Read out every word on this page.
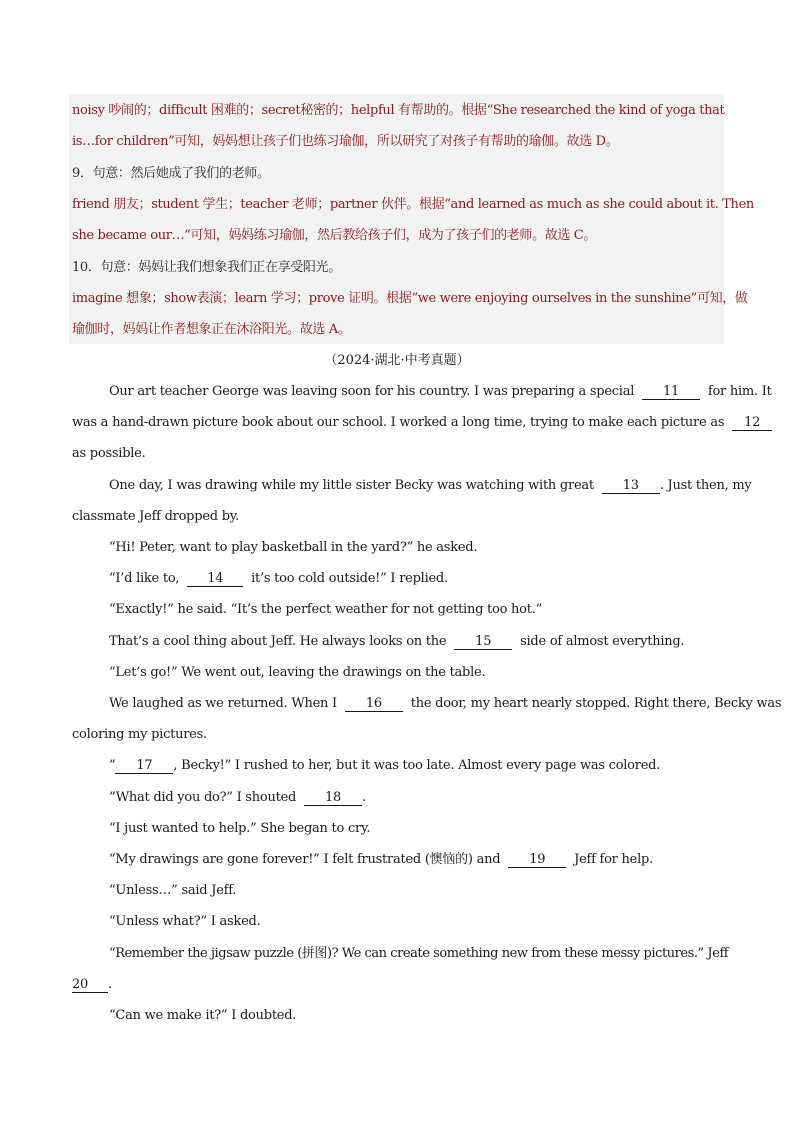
noisy 吵闹的；difficult 困难的；secret秘密的；helpful 有帮助的。根据“She researched the kind of yoga that
is…for children”可知，妈妈想让孩子们也练习瑜伽，所以研究了对孩子有帮助的瑜伽。故选 D。
9．句意：然后她成了我们的老师。
friend 朋友；student 学生；teacher 老师；partner 伙伴。根据“and learned as much as she could about it. Then
she became our…”可知，妈妈练习瑜伽，然后教给孩子们，成为了孩子们的老师。故选 C。
10．句意：妈妈让我们想象我们正在享受阳光。
imagine 想象；show表演；learn 学习；prove 证明。根据“we were enjoying ourselves in the sunshine”可知，做
瑜伽时，妈妈让作者想象正在沐浴阳光。故选 A。
（2024·湖北·中考真题）
Our art teacher George was leaving soon for his country. I was preparing a special 11 for him. It
was a hand-drawn picture book about our school. I worked a long time, trying to make each picture as 12
as possible.
One day, I was drawing while my little sister Becky was watching with great 13 . Just then, my
classmate Jeff dropped by.
“Hi! Peter, want to play basketball in the yard?” he asked.
“I’d like to, 14 it’s too cold outside!” I replied.
“Exactly!” he said. “It’s the perfect weather for not getting too hot.”
That’s a cool thing about Jeff. He always looks on the 15 side of almost everything.
“Let’s go!” We went out, leaving the drawings on the table.
We laughed as we returned. When I 16 the door, my heart nearly stopped. Right there, Becky was
coloring my pictures.
“ 17 , Becky!” I rushed to her, but it was too late. Almost every page was colored.
“What did you do?” I shouted 18 .
“I just wanted to help.” She began to cry.
“My drawings are gone forever!” I felt frustrated (懊恼的) and 19 Jeff for help.
“Unless…” said Jeff.
“Unless what?” I asked.
“Remember the jigsaw puzzle (拼图)? We can create something new from these messy pictures.” Jeff
20 .
“Can we make it?” I doubted.
